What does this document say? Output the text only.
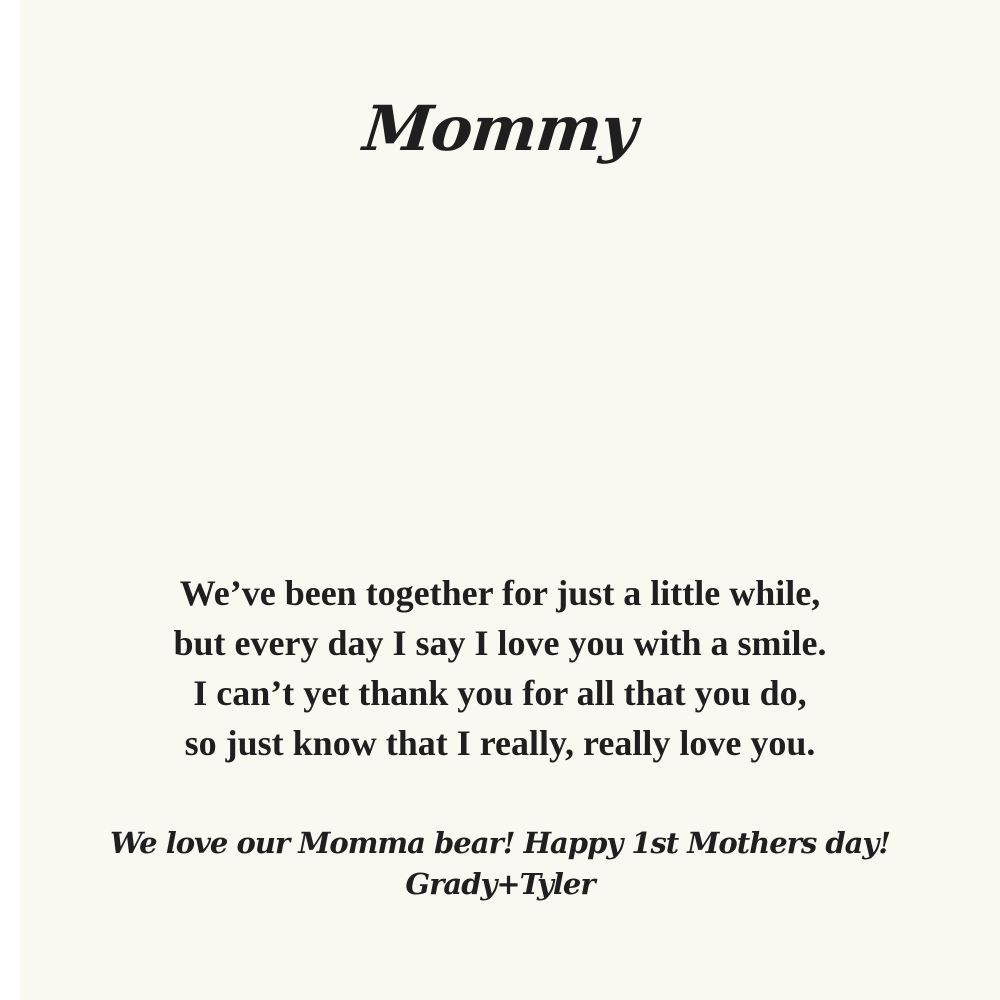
Mommy
We’ve been together for just a little while,
but every day I say I love you with a smile.
I can’t yet thank you for all that you do,
so just know that I really, really love you.
We love our Momma bear! Happy 1st Mothers day!
Grady+Tyler
